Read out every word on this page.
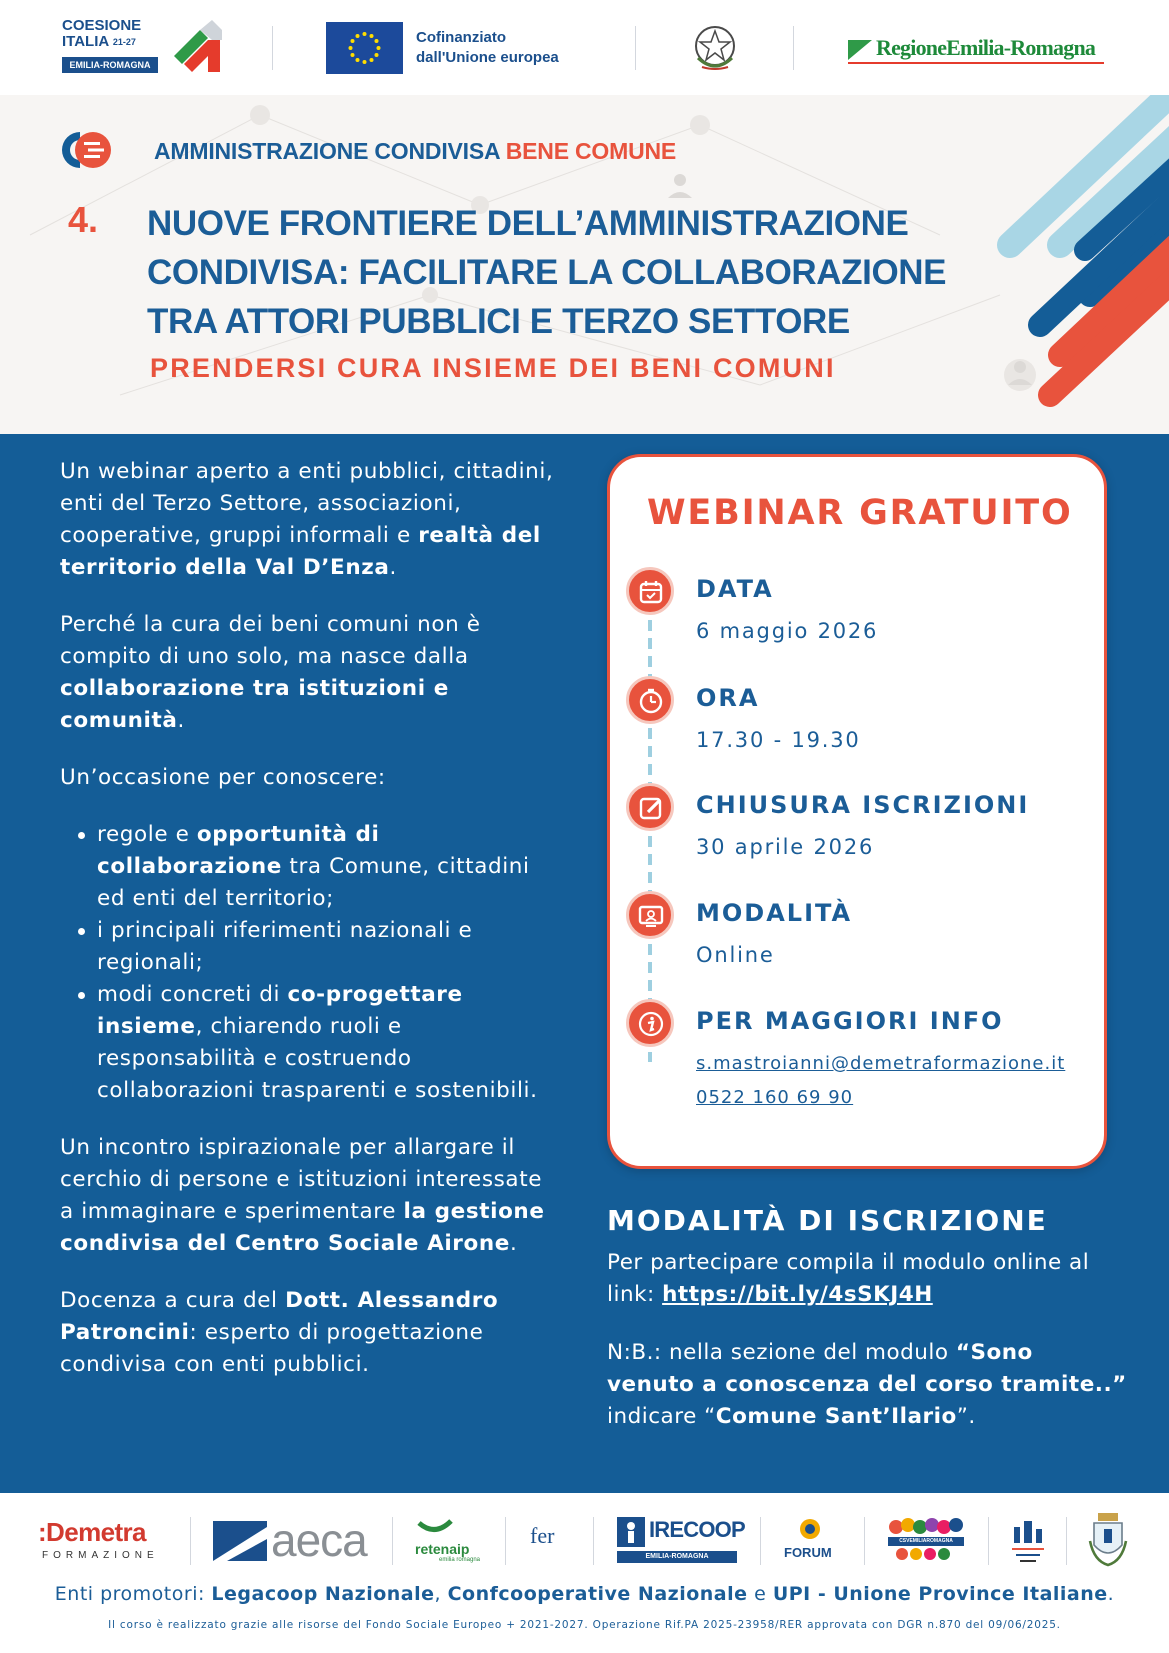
COESIONE
ITALIA $^{21-27}$
EMILIA-ROMAGNA
Cofinanziato
dall'Unione europea	RegioneEmilia-Romagna
AMMINISTRAZIONE CONDIVISA BENE COMUNE
4. NUOVE FRONTIERE DELL’AMMINISTRAZIONE
CONDIVISA: FACILITARE LA COLLABORAZIONE
TRA ATTORI PUBBLICI E TERZO SETTORE
PRENDERSI CURA INSIEME DEI BENI COMUNI

Un webinar aperto a enti pubblici, cittadini, enti del Terzo Settore, associazioni, cooperative, gruppi informali e realtà del territorio della Val D’Enza.

Perché la cura dei beni comuni non è compito di uno solo, ma nasce dalla collaborazione tra istituzioni e comunità.

Un’occasione per conoscere:

regole e opportunità di collaborazione tra Comune, cittadini ed enti del territorio;
i principali riferimenti nazionali e regionali;
modi concreti di co-progettare insieme, chiarendo ruoli e responsabilità e costruendo collaborazioni trasparenti e sostenibili.

Un incontro ispirazionale per allargare il cerchio di persone e istituzioni interessate a immaginare e sperimentare la gestione condivisa del Centro Sociale Airone.

Docenza a cura del Dott. Alessandro Patroncini: esperto di progettazione condivisa con enti pubblici.

WEBINAR GRATUITO
DATA
6 maggio 2026
ORA
17.30 - 19.30
CHIUSURA ISCRIZIONI
30 aprile 2026
MODALITÀ
Online
PER MAGGIORI INFO
s.mastroianni@demetraformazione.it
0522 160 69 90
MODALITÀ DI ISCRIZIONE

Per partecipare compila il modulo online al link: https://bit.ly/4sSKJ4H

N:B.: nella sezione del modulo “Sono venuto a conoscenza del corso tramite..” indicare “Comune Sant’Ilario”.

:Demetra
FORMAZIONE aeca	retenaip
emilia romagna
fer	IRECOOP
EMILIA-ROMAGNA	FORUM
CSVEMILIAROMAGNA
Enti promotori: Legacoop Nazionale, Confcooperative Nazionale e UPI - Unione Province Italiane.
Il corso è realizzato grazie alle risorse del Fondo Sociale Europeo + 2021-2027. Operazione Rif.PA 2025-23958/RER approvata con DGR n.870 del 09/06/2025.
